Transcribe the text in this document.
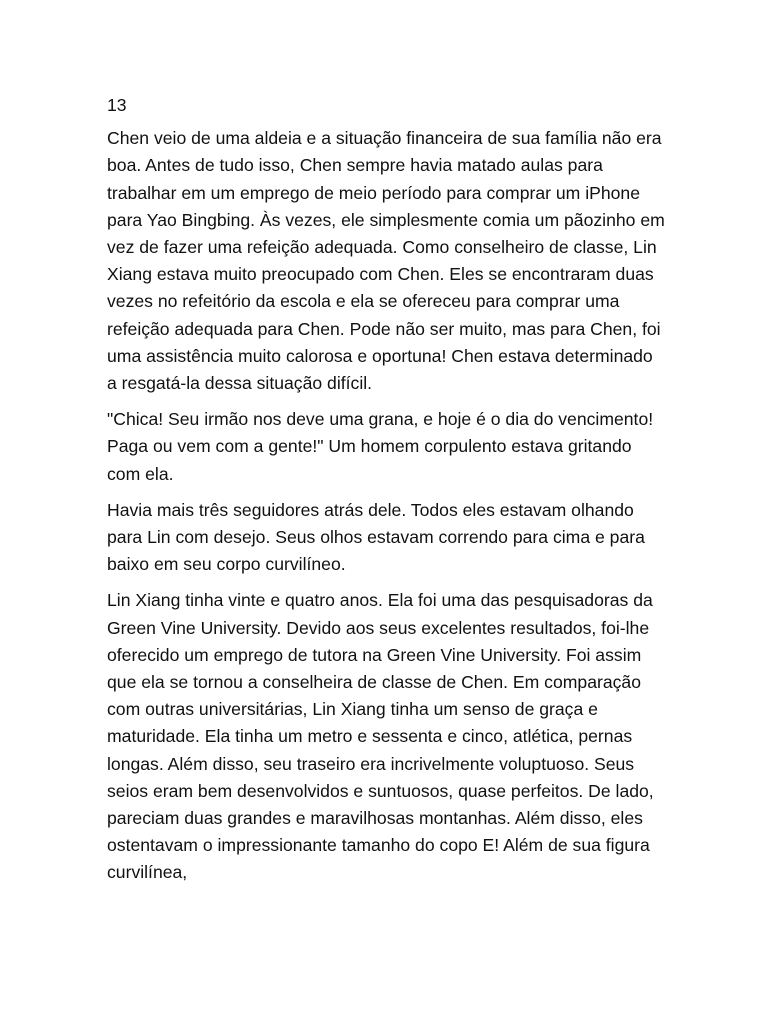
13

Chen veio de uma aldeia e a situação financeira de sua família não era boa. Antes de tudo isso, Chen sempre havia matado aulas para trabalhar em um emprego de meio período para comprar um iPhone para Yao Bingbing. Às vezes, ele simplesmente comia um pãozinho em vez de fazer uma refeição adequada. Como conselheiro de classe, Lin Xiang estava muito preocupado com Chen. Eles se encontraram duas vezes no refeitório da escola e ela se ofereceu para comprar uma refeição adequada para Chen. Pode não ser muito, mas para Chen, foi uma assistência muito calorosa e oportuna! Chen estava determinado a resgatá-la dessa situação difícil.

"Chica! Seu irmão nos deve uma grana, e hoje é o dia do vencimento! Paga ou vem com a gente!" Um homem corpulento estava gritando com ela.

Havia mais três seguidores atrás dele. Todos eles estavam olhando para Lin com desejo. Seus olhos estavam correndo para cima e para baixo em seu corpo curvilíneo.

Lin Xiang tinha vinte e quatro anos. Ela foi uma das pesquisadoras da Green Vine University. Devido aos seus excelentes resultados, foi-lhe oferecido um emprego de tutora na Green Vine University. Foi assim que ela se tornou a conselheira de classe de Chen. Em comparação com outras universitárias, Lin Xiang tinha um senso de graça e maturidade. Ela tinha um metro e sessenta e cinco, atlética, pernas longas. Além disso, seu traseiro era incrivelmente voluptuoso. Seus seios eram bem desenvolvidos e suntuosos, quase perfeitos. De lado, pareciam duas grandes e maravilhosas montanhas. Além disso, eles ostentavam o impressionante tamanho do copo E! Além de sua figura curvilínea,
